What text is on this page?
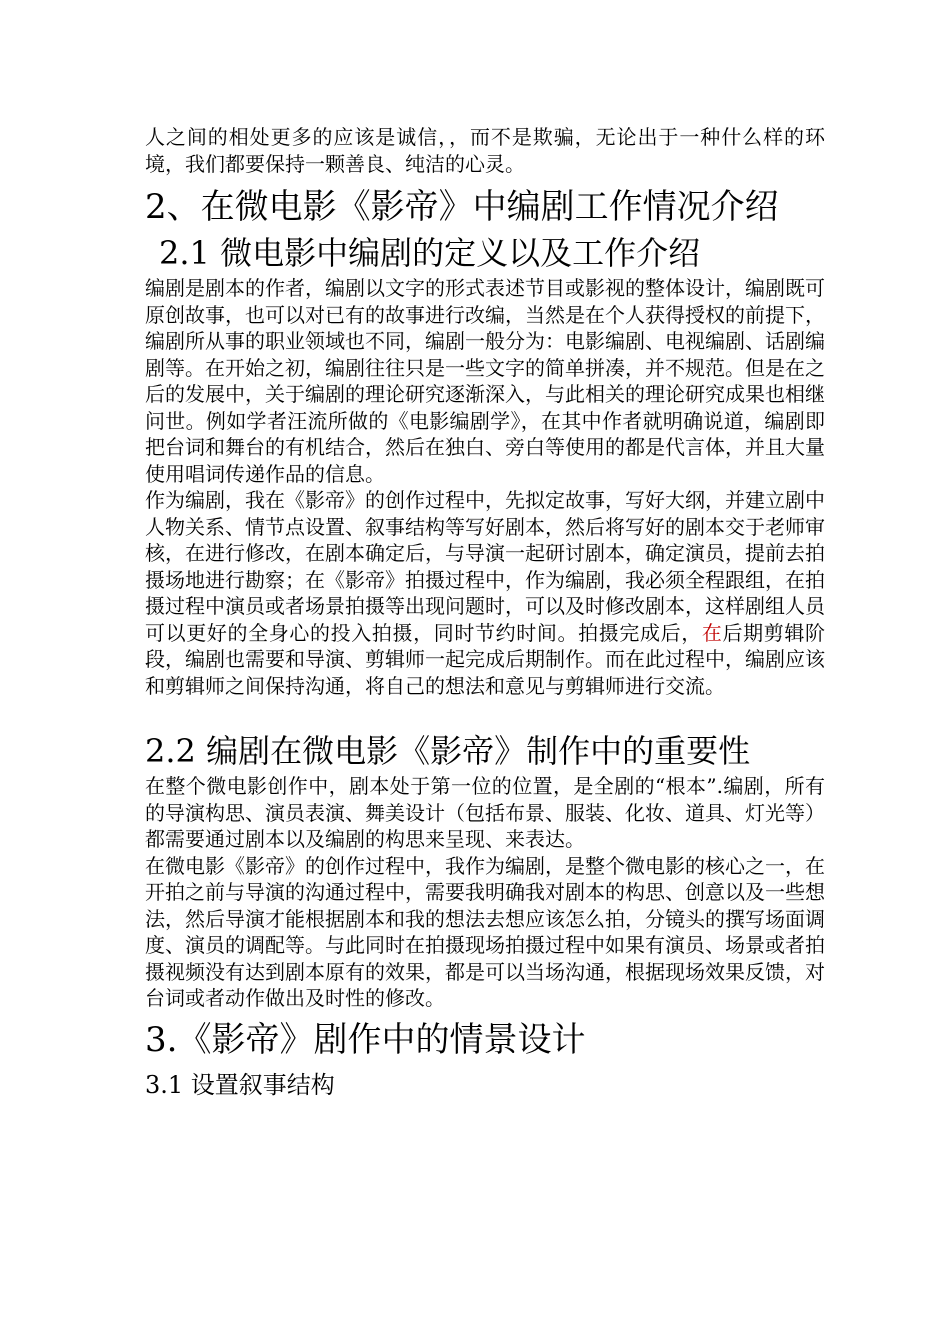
人之间的相处更多的应该是诚信，，而不是欺骗，无论出于一种什么样的环境，我们都要保持一颗善良、纯洁的心灵。

2、在微电影《影帝》中编剧工作情况介绍
2.1 微电影中编剧的定义以及工作介绍

编剧是剧本的作者，编剧以文字的形式表述节目或影视的整体设计，编剧既可原创故事，也可以对已有的故事进行改编，当然是在个人获得授权的前提下，编剧所从事的职业领域也不同，编剧一般分为：电影编剧、电视编剧、话剧编剧等。在开始之初，编剧往往只是一些文字的简单拼凑，并不规范。但是在之后的发展中，关于编剧的理论研究逐渐深入，与此相关的理论研究成果也相继问世。例如学者汪流所做的《电影编剧学》，在其中作者就明确说道，编剧即把台词和舞台的有机结合，然后在独白、旁白等使用的都是代言体，并且大量使用唱词传递作品的信息。

作为编剧，我在《影帝》的创作过程中，先拟定故事，写好大纲，并建立剧中人物关系、情节点设置、叙事结构等写好剧本，然后将写好的剧本交于老师审核，在进行修改，在剧本确定后，与导演一起研讨剧本，确定演员，提前去拍摄场地进行勘察；在《影帝》拍摄过程中，作为编剧，我必须全程跟组，在拍摄过程中演员或者场景拍摄等出现问题时，可以及时修改剧本，这样剧组人员可以更好的全身心的投入拍摄，同时节约时间。拍摄完成后，在后期剪辑阶段，编剧也需要和导演、剪辑师一起完成后期制作。而在此过程中，编剧应该和剪辑师之间保持沟通，将自己的想法和意见与剪辑师进行交流。

2.2 编剧在微电影《影帝》制作中的重要性

在整个微电影创作中，剧本处于第一位的位置，是全剧的“根本”.编剧，所有的导演构思、演员表演、舞美设计（包括布景、服装、化妆、道具、灯光等）都需要通过剧本以及编剧的构思来呈现、来表达。

在微电影《影帝》的创作过程中，我作为编剧，是整个微电影的核心之一，在开拍之前与导演的沟通过程中，需要我明确我对剧本的构思、创意以及一些想法，然后导演才能根据剧本和我的想法去想应该怎么拍，分镜头的撰写场面调度、演员的调配等。与此同时在拍摄现场拍摄过程中如果有演员、场景或者拍摄视频没有达到剧本原有的效果，都是可以当场沟通，根据现场效果反馈，对台词或者动作做出及时性的修改。

3.《影帝》剧作中的情景设计
3.1 设置叙事结构
